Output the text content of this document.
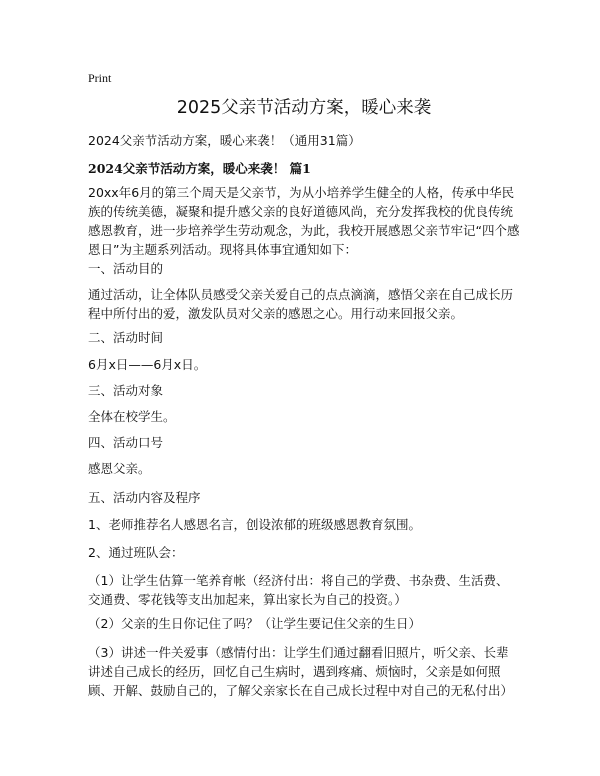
Print
2025父亲节活动方案，暖心来袭

2024父亲节活动方案，暖心来袭！（通用31篇）

2024父亲节活动方案，暖心来袭！ 篇1

20xx年6月的第三个周天是父亲节，为从小培养学生健全的人格，传承中华民族的传统美德，凝聚和提升感父亲的良好道德风尚，充分发挥我校的优良传统感恩教育，进一步培养学生劳动观念，为此，我校开展感恩父亲节牢记“四个感恩日”为主题系列活动。现将具体事宜通知如下：

一、活动目的

通过活动，让全体队员感受父亲关爱自己的点点滴滴，感悟父亲在自己成长历程中所付出的爱，激发队员对父亲的感恩之心。用行动来回报父亲。

二、活动时间

6月x日——6月x日。

三、活动对象

全体在校学生。

四、活动口号

感恩父亲。

五、活动内容及程序

1、老师推荐名人感恩名言，创设浓郁的班级感恩教育氛围。

2、通过班队会：

（1）让学生估算一笔养育帐（经济付出：将自己的学费、书杂费、生活费、交通费、零花钱等支出加起来，算出家长为自己的投资。）

（2）父亲的生日你记住了吗？（让学生要记住父亲的生日）

（3）讲述一件关爱事（感情付出：让学生们通过翻看旧照片，听父亲、长辈讲述自己成长的经历，回忆自己生病时，遇到疼痛、烦恼时，父亲是如何照顾、开解、鼓励自己的，了解父亲家长在自己成长过程中对自己的无私付出）
